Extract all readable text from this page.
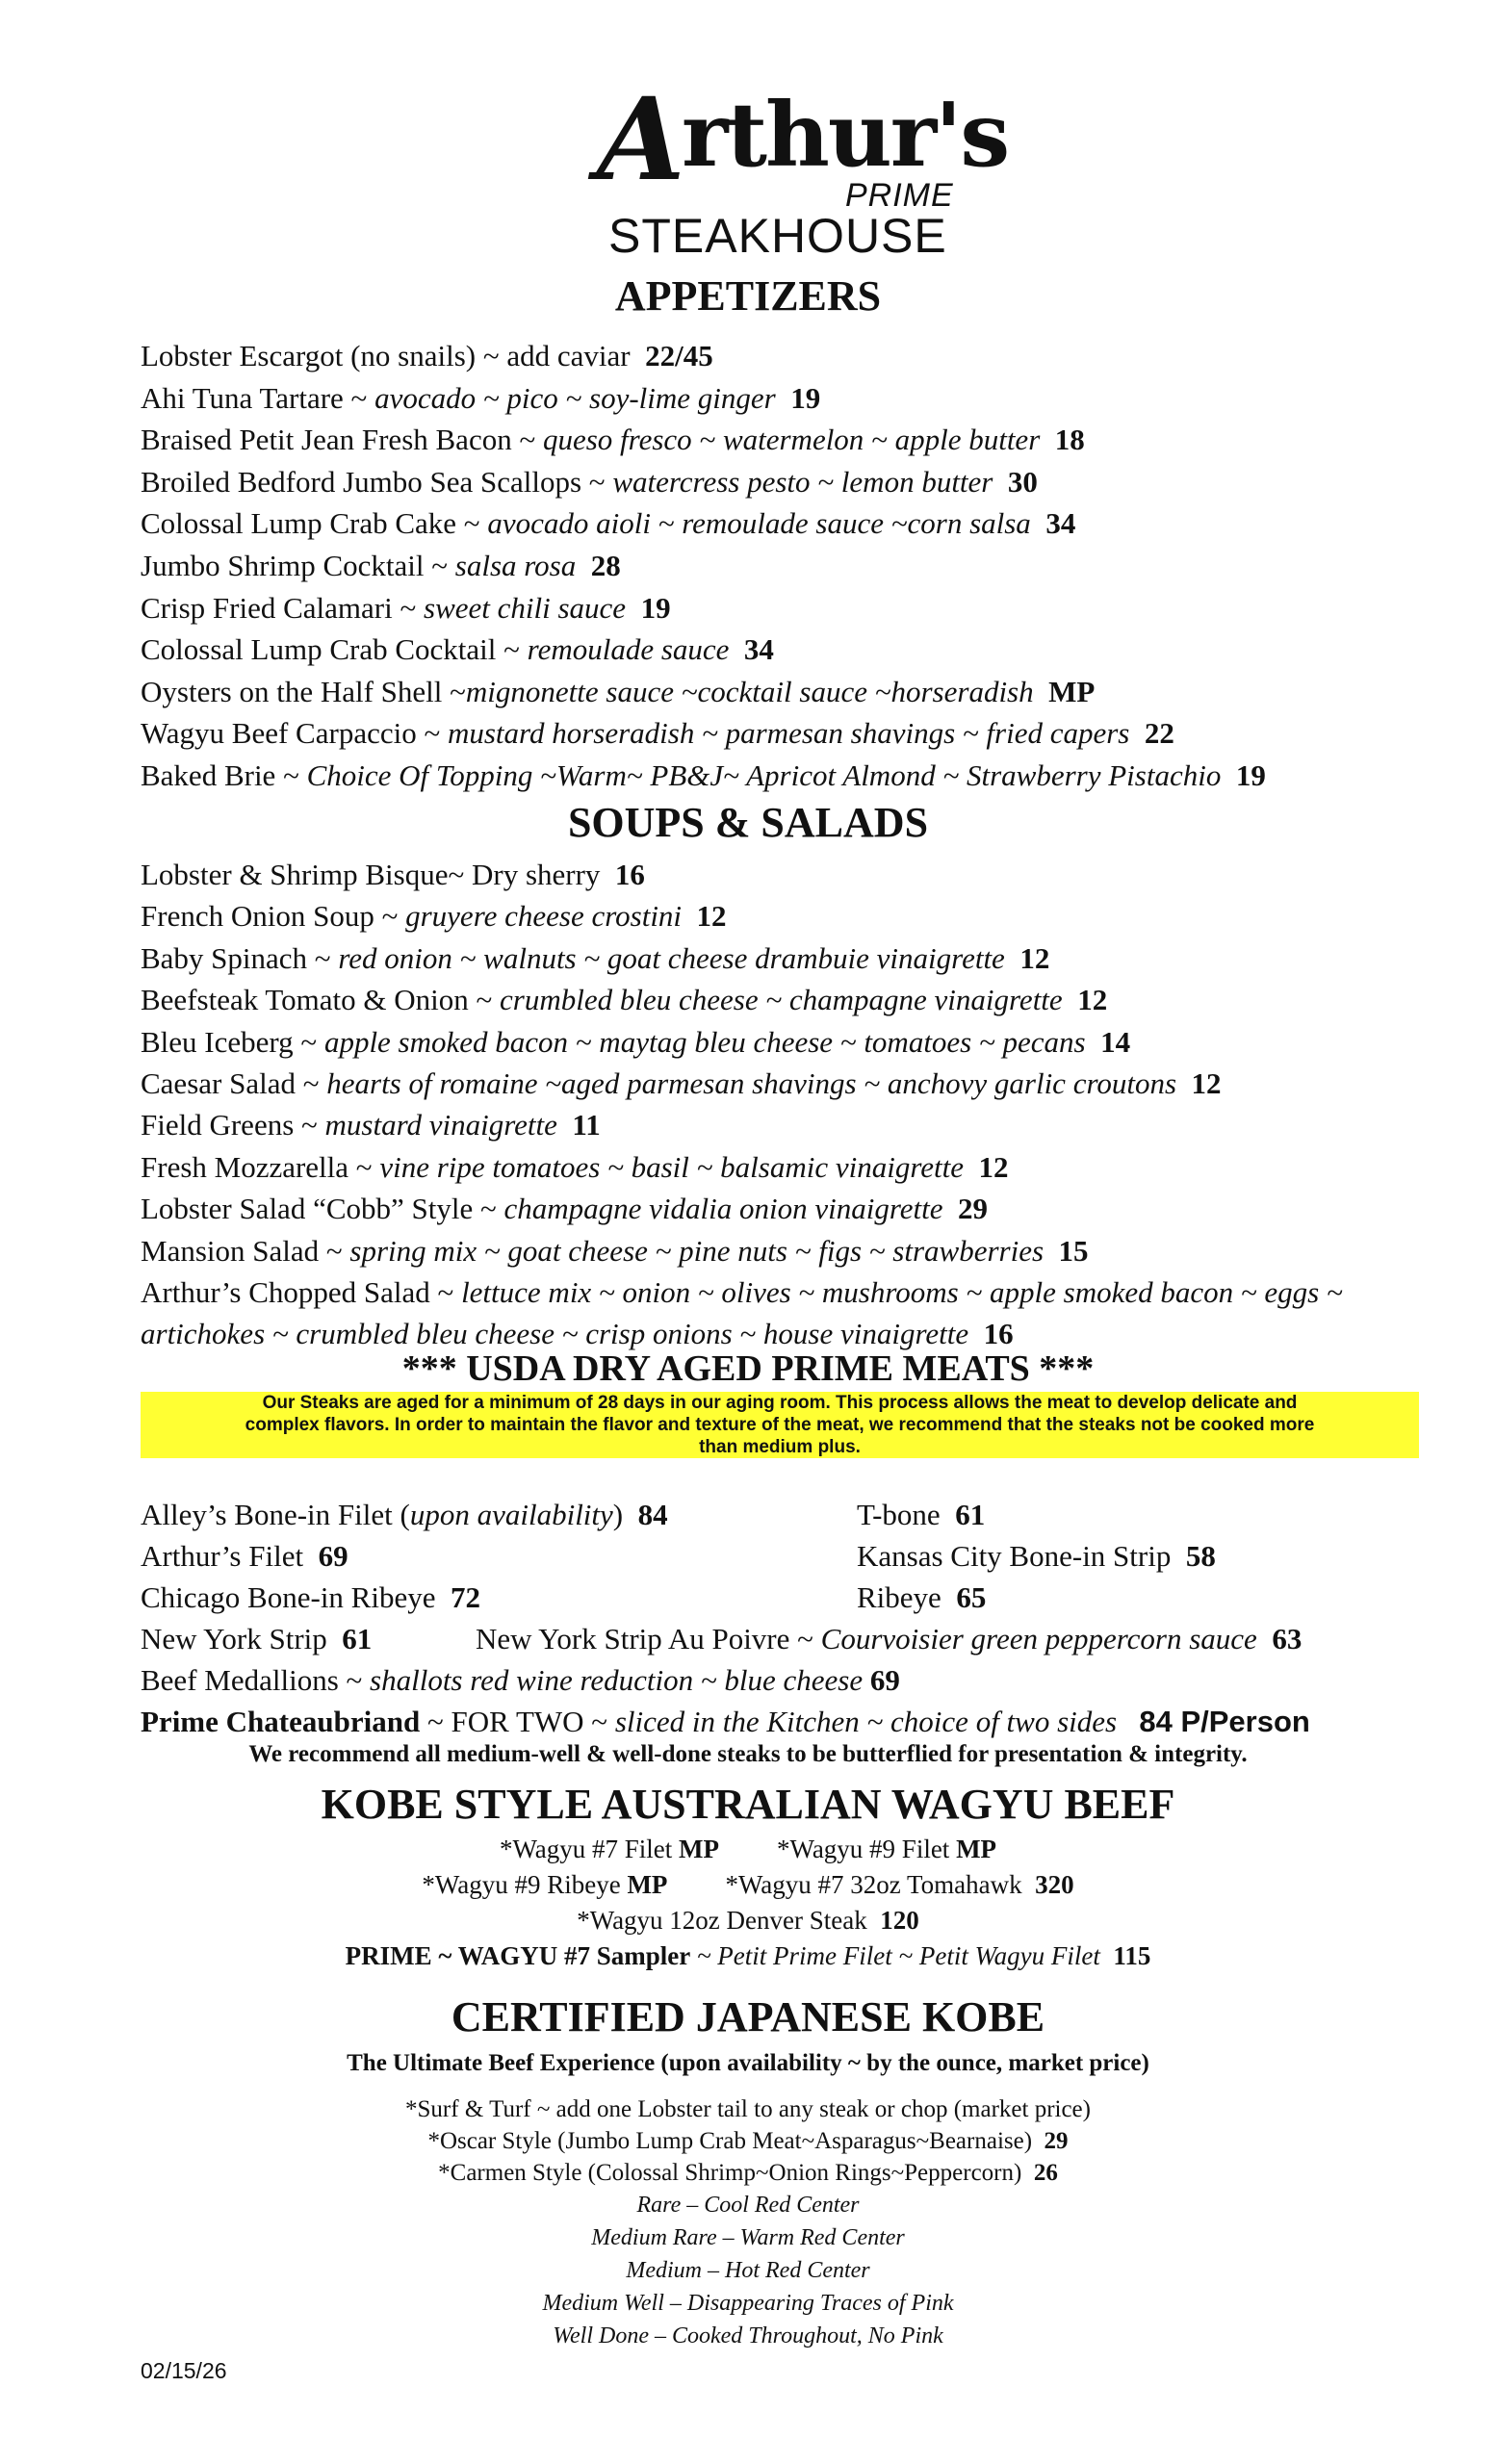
A
rthur's
PRIME
STEAKHOUSE
APPETIZERS
Lobster Escargot (no snails) ~ add caviar 22/45
Ahi Tuna Tartare ~ avocado ~ pico ~ soy-lime ginger 19
Braised Petit Jean Fresh Bacon ~ queso fresco ~ watermelon ~ apple butter 18
Broiled Bedford Jumbo Sea Scallops ~ watercress pesto ~ lemon butter 30
Colossal Lump Crab Cake ~ avocado aioli ~ remoulade sauce ~corn salsa 34
Jumbo Shrimp Cocktail ~ salsa rosa 28
Crisp Fried Calamari ~ sweet chili sauce 19
Colossal Lump Crab Cocktail ~ remoulade sauce 34
Oysters on the Half Shell ~mignonette sauce ~cocktail sauce ~horseradish MP
Wagyu Beef Carpaccio ~ mustard horseradish ~ parmesan shavings ~ fried capers 22
Baked Brie ~ Choice Of Topping ~Warm~ PB&J~ Apricot Almond ~ Strawberry Pistachio 19
SOUPS & SALADS
Lobster & Shrimp Bisque~ Dry sherry 16
French Onion Soup ~ gruyere cheese crostini 12
Baby Spinach ~ red onion ~ walnuts ~ goat cheese drambuie vinaigrette 12
Beefsteak Tomato & Onion ~ crumbled bleu cheese ~ champagne vinaigrette 12
Bleu Iceberg ~ apple smoked bacon ~ maytag bleu cheese ~ tomatoes ~ pecans 14
Caesar Salad ~ hearts of romaine ~aged parmesan shavings ~ anchovy garlic croutons 12
Field Greens ~ mustard vinaigrette 11
Fresh Mozzarella ~ vine ripe tomatoes ~ basil ~ balsamic vinaigrette 12
Lobster Salad “Cobb” Style ~ champagne vidalia onion vinaigrette 29
Mansion Salad ~ spring mix ~ goat cheese ~ pine nuts ~ figs ~ strawberries 15
Arthur’s Chopped Salad ~ lettuce mix ~ onion ~ olives ~ mushrooms ~ apple smoked bacon ~ eggs ~
artichokes ~ crumbled bleu cheese ~ crisp onions ~ house vinaigrette 16
*** USDA DRY AGED PRIME MEATS ***
Our Steaks are aged for a minimum of 28 days in our aging room. This process allows the meat to develop delicate and
complex flavors. In order to maintain the flavor and texture of the meat, we recommend that the steaks not be cooked more
than medium plus.
Alley’s Bone-in Filet (upon availability) 84
Arthur’s Filet 69
Chicago Bone-in Ribeye 72
T-bone 61
Kansas City Bone-in Strip 58
Ribeye 65
New York Strip 61	New York Strip Au Poivre ~ Courvoisier green peppercorn sauce 63
Beef Medallions ~ shallots red wine reduction ~ blue cheese 69
Prime Chateaubriand ~ FOR TWO ~ sliced in the Kitchen ~ choice of two sides 84 P/Person
We recommend all medium-well & well-done steaks to be butterflied for presentation & integrity.
KOBE STYLE AUSTRALIAN WAGYU BEEF
*Wagyu #7 Filet MP *Wagyu #9 Filet MP
*Wagyu #9 Ribeye MP *Wagyu #7 32oz Tomahawk 320
*Wagyu 12oz Denver Steak 120
PRIME ~ WAGYU #7 Sampler ~ Petit Prime Filet ~ Petit Wagyu Filet 115
CERTIFIED JAPANESE KOBE
The Ultimate Beef Experience (upon availability ~ by the ounce, market price)
*Surf & Turf ~ add one Lobster tail to any steak or chop (market price)
*Oscar Style (Jumbo Lump Crab Meat~Asparagus~Bearnaise) 29
*Carmen Style (Colossal Shrimp~Onion Rings~Peppercorn) 26
Rare – Cool Red Center
Medium Rare – Warm Red Center
Medium – Hot Red Center
Medium Well – Disappearing Traces of Pink
Well Done – Cooked Throughout, No Pink
02/15/26
